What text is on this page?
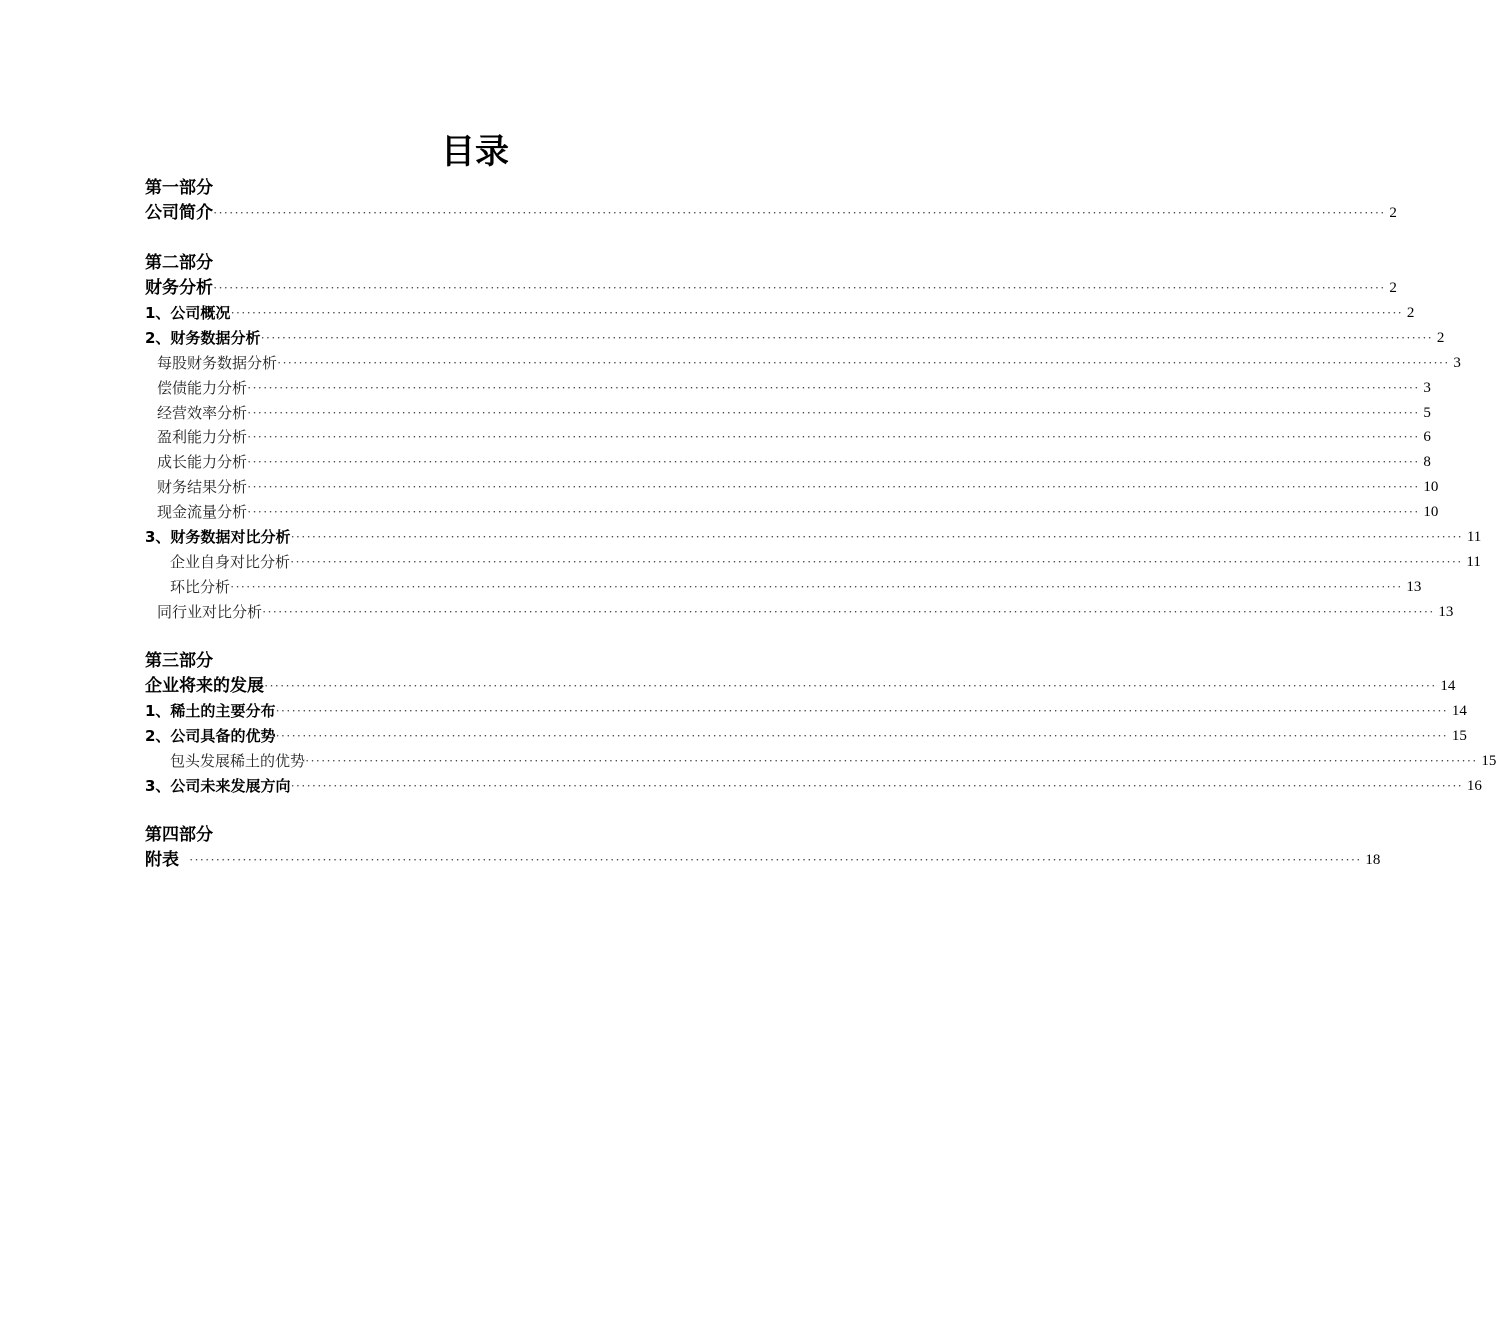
目录
第一部分
公司简介 ···························································································································································································································· 2
第二部分
财务分析 ···························································································································································································································· 2
1、公司概况 ···························································································································································································································· 2
2、财务数据分析 ···························································································································································································································· 2
每股财务数据分析 ···························································································································································································································· 3
偿债能力分析 ···························································································································································································································· 3
经营效率分析 ···························································································································································································································· 5
盈利能力分析 ···························································································································································································································· 6
成长能力分析 ···························································································································································································································· 8
财务结果分析 ···························································································································································································································· 10
现金流量分析 ···························································································································································································································· 10
3、财务数据对比分析 ···························································································································································································································· 11
企业自身对比分析 ···························································································································································································································· 11
环比分析 ···························································································································································································································· 13
同行业对比分析 ···························································································································································································································· 13
第三部分
企业将来的发展 ···························································································································································································································· 14
1、稀土的主要分布 ···························································································································································································································· 14
2、公司具备的优势 ···························································································································································································································· 15
包头发展稀土的优势 ···························································································································································································································· 15
3、公司未来发展方向 ···························································································································································································································· 16
第四部分
附表 ···························································································································································································································· 18
